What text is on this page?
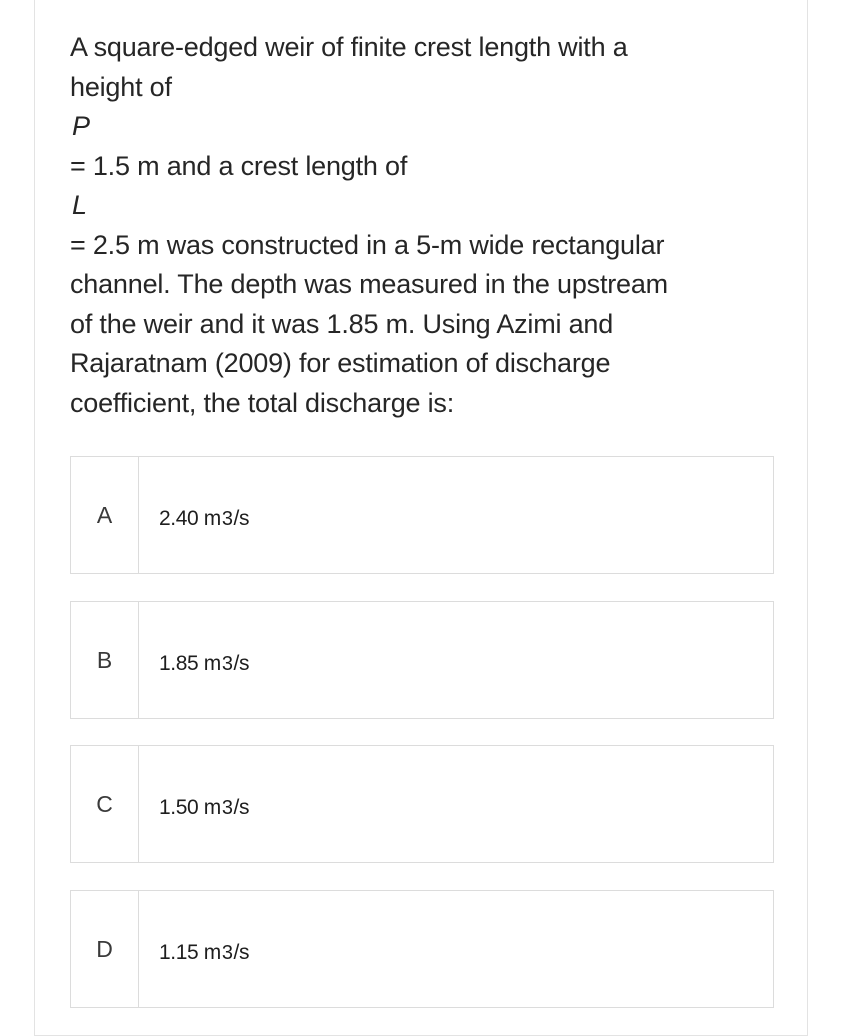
A square-edged weir of finite crest length with a
height of
P
= 1.5 m and a crest length of
L
= 2.5 m was constructed in a 5-m wide rectangular
channel. The depth was measured in the upstream
of the weir and it was 1.85 m. Using Azimi and
Rajaratnam (2009) for estimation of discharge
coefficient, the total discharge is:
A	2.40 m 3 /s
B	1.85 m 3 /s
C	1.50 m 3 /s
D	1.15 m 3 /s
